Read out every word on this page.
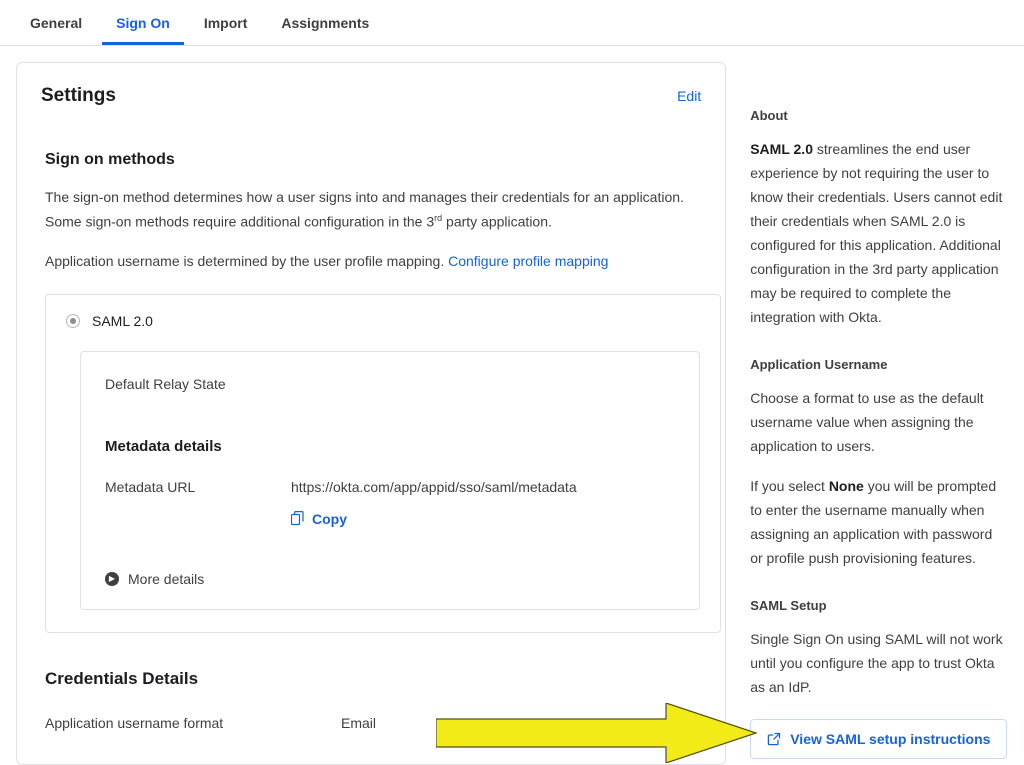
General	Sign On	Import	Assignments
Settings	Edit
Sign on methods

The sign-on method determines how a user signs into and manages their credentials for an application. Some sign-on methods require additional configuration in the 3rd party application.

Application username is determined by the user profile mapping. Configure profile mapping

SAML 2.0
Default Relay State
Metadata details
Metadata URL	https://okta.com/app/appid/sso/saml/metadata
Copy
▶ More details
Credentials Details
Application username format	Email
About

SAML 2.0 streamlines the end user experience by not requiring the user to know their credentials. Users cannot edit their credentials when SAML 2.0 is configured for this application. Additional configuration in the 3rd party application may be required to complete the integration with Okta.

Application Username

Choose a format to use as the default username value when assigning the application to users.

If you select None you will be prompted to enter the username manually when assigning an application with password or profile push provisioning features.

SAML Setup

Single Sign On using SAML will not work until you configure the app to trust Okta as an IdP.

View SAML setup instructions
